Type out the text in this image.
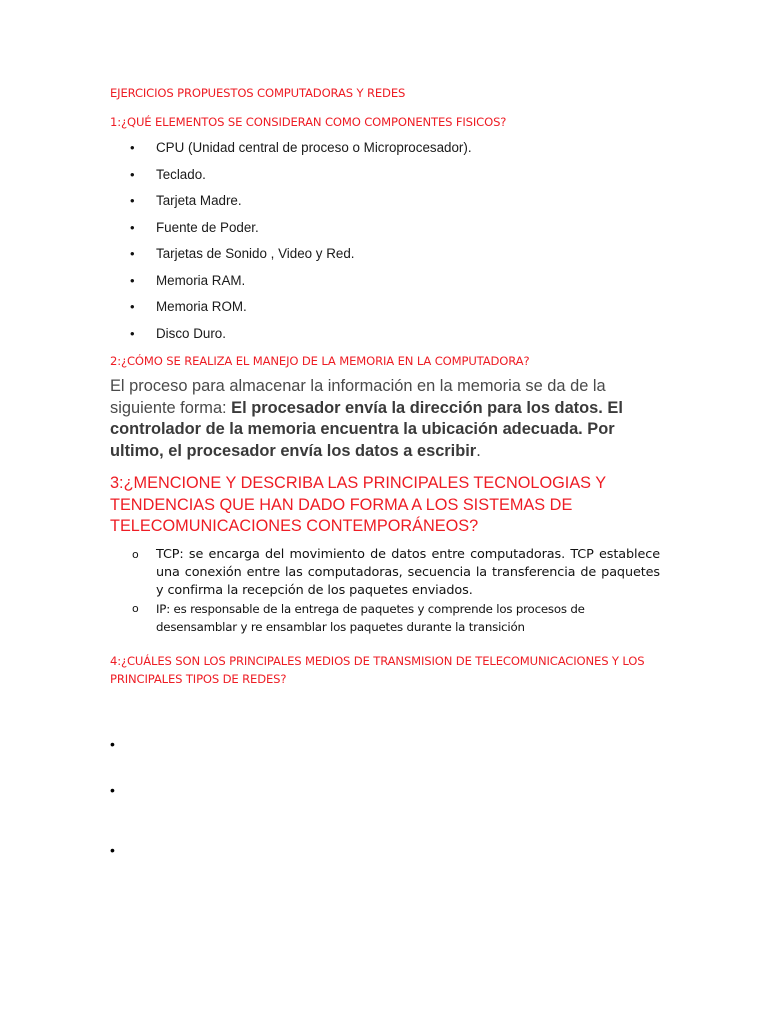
EJERCICIOS PROPUESTOS COMPUTADORAS Y REDES
1:¿QUÉ ELEMENTOS SE CONSIDERAN COMO COMPONENTES FISICOS?
•	CPU (Unidad central de proceso o Microprocesador).
•	Teclado.
•	Tarjeta Madre.
•	Fuente de Poder.
•	Tarjetas de Sonido , Video y Red.
•	Memoria RAM.
•	Memoria ROM.
•	Disco Duro.
2:¿CÓMO SE REALIZA EL MANEJO DE LA MEMORIA EN LA COMPUTADORA?

El proceso para almacenar la información en la memoria se da de la siguiente forma: El procesador envía la dirección para los datos. El controlador de la memoria encuentra la ubicación adecuada. Por ultimo, el procesador envía los datos a escribir.

3:¿MENCIONE Y DESCRIBA LAS PRINCIPALES TECNOLOGIAS Y TENDENCIAS QUE HAN DADO FORMA A LOS SISTEMAS DE TELECOMUNICACIONES CONTEMPORÁNEOS?
o TCP: se encarga del movimiento de datos entre computadoras. TCP establece una conexión entre las computadoras, secuencia la transferencia de paquetes y confirma la recepción de los paquetes enviados.
o IP: es responsable de la entrega de paquetes y comprende los procesos de desensamblar y re ensamblar los paquetes durante la transición
4:¿CUÁLES SON LOS PRINCIPALES MEDIOS DE TRANSMISION DE TELECOMUNICACIONES Y LOS PRINCIPALES TIPOS DE REDES?
•
•
•
